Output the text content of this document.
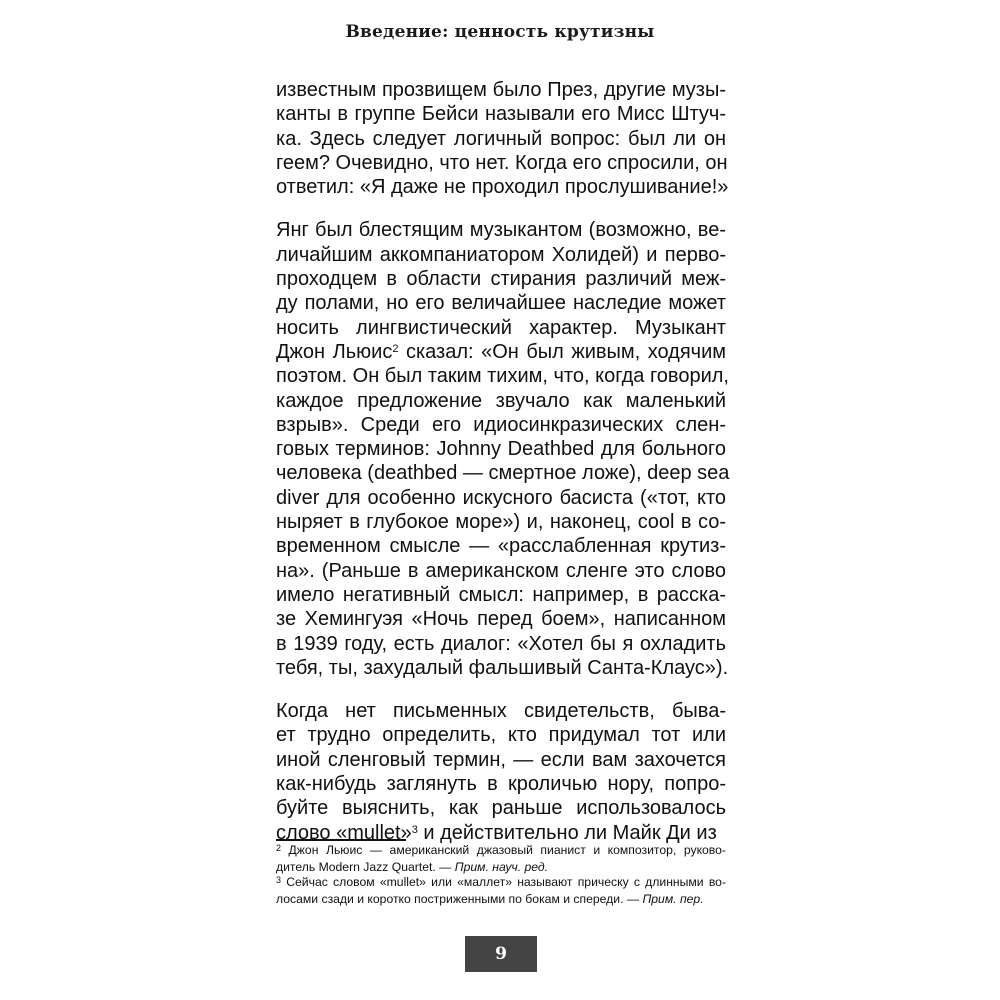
Введение: ценность крутизны
известным прозвищем было През, другие музы-
канты в группе Бейси называли его Мисс Штуч-
ка. Здесь следует логичный вопрос: был ли он
геем? Очевидно, что нет. Когда его спросили, он
ответил: «Я даже не проходил прослушивание!»
Янг был блестящим музыкантом (возможно, ве-
личайшим аккомпаниатором Холидей) и перво-
проходцем в области стирания различий меж-
ду полами, но его величайшее наследие может
носить лингвистический характер. Музыкант
Джон Льюис$^2$ сказал: «Он был живым, ходячим
поэтом. Он был таким тихим, что, когда говорил,
каждое предложение звучало как маленький
взрыв». Среди его идиосинкразических слен-
говых терминов: Johnny Deathbed для больного
человека (deathbed — смертное ложе), deep sea
diver для особенно искусного басиста («тот, кто
ныряет в глубокое море») и, наконец, cool в со-
временном смысле — «расслабленная крутиз-
на». (Раньше в американском сленге это слово
имело негативный смысл: например, в расска-
зе Хемингуэя «Ночь перед боем», написанном
в 1939 году, есть диалог: «Хотел бы я охладить
тебя, ты, захудалый фальшивый Санта-Клаус»).
Когда нет письменных свидетельств, быва-
ет трудно определить, кто придумал тот или
иной сленговый термин, — если вам захочется
как-нибудь заглянуть в кроличью нору, попро-
буйте выяснить, как раньше использовалось
слово «mullet»$^3$ и действительно ли Майк Ди из
$^2$ Джон Льюис — американский джазовый пианист и композитор, руково-
дитель Modern Jazz Quartet. — Прим. науч. ред.
$^3$ Сейчас словом «mullet» или «маллет» называют прическу с длинными во-
лосами сзади и коротко постриженными по бокам и спереди. — Прим. пер.
9
